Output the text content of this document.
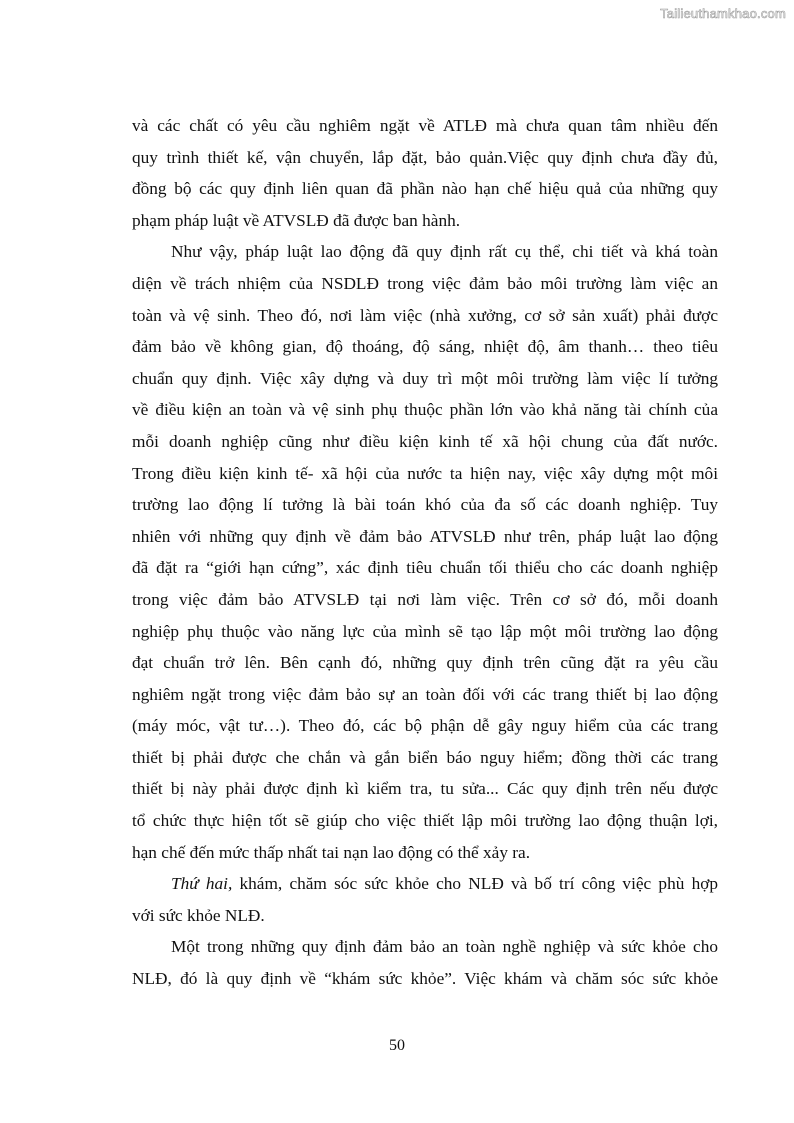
Tailieuthamkhao.com

và các chất có yêu cầu nghiêm ngặt về ATLĐ mà chưa quan tâm nhiều đến
quy trình thiết kế, vận chuyển, lắp đặt, bảo quản.Việc quy định chưa đầy đủ,
đồng bộ các quy định liên quan đã phần nào hạn chế hiệu quả của những quy
phạm pháp luật về ATVSLĐ đã được ban hành.

Như vậy, pháp luật lao động đã quy định rất cụ thể, chi tiết và khá toàn
diện về trách nhiệm của NSDLĐ trong việc đảm bảo môi trường làm việc an
toàn và vệ sinh. Theo đó, nơi làm việc (nhà xưởng, cơ sở sản xuất) phải được
đảm bảo về không gian, độ thoáng, độ sáng, nhiệt độ, âm thanh… theo tiêu
chuẩn quy định. Việc xây dựng và duy trì một môi trường làm việc lí tưởng
về điều kiện an toàn và vệ sinh phụ thuộc phần lớn vào khả năng tài chính của
mỗi doanh nghiệp cũng như điều kiện kinh tế xã hội chung của đất nước.
Trong điều kiện kinh tế- xã hội của nước ta hiện nay, việc xây dựng một môi
trường lao động lí tưởng là bài toán khó của đa số các doanh nghiệp. Tuy
nhiên với những quy định về đảm bảo ATVSLĐ như trên, pháp luật lao động
đã đặt ra “giới hạn cứng”, xác định tiêu chuẩn tối thiểu cho các doanh nghiệp
trong việc đảm bảo ATVSLĐ tại nơi làm việc. Trên cơ sở đó, mỗi doanh
nghiệp phụ thuộc vào năng lực của mình sẽ tạo lập một môi trường lao động
đạt chuẩn trở lên. Bên cạnh đó, những quy định trên cũng đặt ra yêu cầu
nghiêm ngặt trong việc đảm bảo sự an toàn đối với các trang thiết bị lao động
(máy móc, vật tư…). Theo đó, các bộ phận dễ gây nguy hiểm của các trang
thiết bị phải được che chắn và gắn biển báo nguy hiểm; đồng thời các trang
thiết bị này phải được định kì kiểm tra, tu sửa... Các quy định trên nếu được
tổ chức thực hiện tốt sẽ giúp cho việc thiết lập môi trường lao động thuận lợi,
hạn chế đến mức thấp nhất tai nạn lao động có thể xảy ra.

Thứ hai, khám, chăm sóc sức khỏe cho NLĐ và bố trí công việc phù hợp
với sức khỏe NLĐ.

Một trong những quy định đảm bảo an toàn nghề nghiệp và sức khỏe cho
NLĐ, đó là quy định về “khám sức khỏe”. Việc khám và chăm sóc sức khỏe

50
